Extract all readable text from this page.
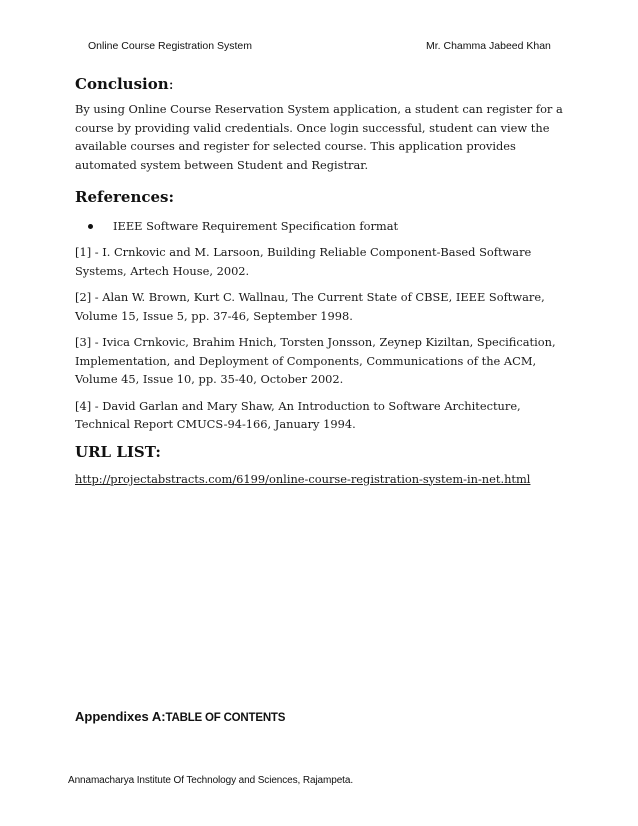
Online Course Registration System	Mr. Chamma Jabeed Khan
Conclusion:

By using Online Course Reservation System application, a student can register for a course by providing valid credentials. Once login successful, student can view the available courses and register for selected course. This application provides automated system between Student and Registrar.

References:
IEEE Software Requirement Specification format

[1] - I. Crnkovic and M. Larsoon, Building Reliable Component-Based Software Systems, Artech House, 2002.

[2] - Alan W. Brown, Kurt C. Wallnau, The Current State of CBSE, IEEE Software, Volume 15, Issue 5, pp. 37-46, September 1998.

[3] - Ivica Crnkovic, Brahim Hnich, Torsten Jonsson, Zeynep Kiziltan, Specification, Implementation, and Deployment of Components, Communications of the ACM, Volume 45, Issue 10, pp. 35-40, October 2002.

[4] - David Garlan and Mary Shaw, An Introduction to Software Architecture, Technical Report CMUCS-94-166, January 1994.

URL LIST:
http://projectabstracts.com/6199/online-course-registration-system-in-net.html
Appendixes A:TABLE OF CONTENTS
Annamacharya Institute Of Technology and Sciences, Rajampeta.
